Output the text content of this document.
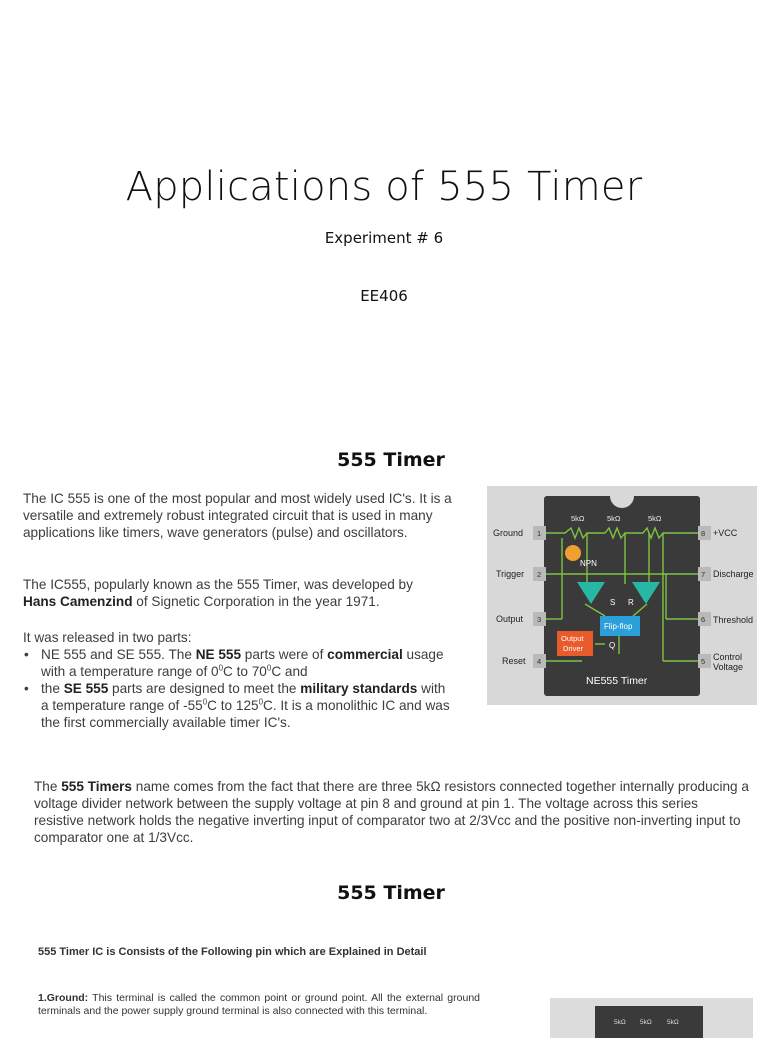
Applications of 555 Timer
Experiment # 6
EE406
555 Timer
The IC 555 is one of the most popular and most widely used IC's. It is a versatile and extremely robust integrated circuit that is used in many applications like timers, wave generators (pulse) and oscillators.
The IC555, popularly known as the 555 Timer, was developed by Hans Camenzind of Signetic Corporation in the year 1971.
It was released in two parts:
• NE 555 and SE 555. The NE 555 parts were of commercial usage with a temperature range of $0^0C$ to $70^0C$ and
• the SE 555 parts are designed to meet the military standards with a temperature range of $-55^0C$ to $125^0C$. It is a monolithic IC and was the first commercially available timer IC's.
1
2
3
4
8
7
6
5
Ground
Trigger
Output
Reset
+VCC
Discharge
Threshold
Control
Voltage
5kΩ	5kΩ	5kΩ
NPN
S R
Flip-flop
Q
Output
Driver
NE555 Timer
The 555 Timers name comes from the fact that there are three 5kΩ resistors connected together internally producing a voltage divider network between the supply voltage at pin 8 and ground at pin 1. The voltage across this series resistive network holds the negative inverting input of comparator two at 2/3Vcc and the positive non-inverting input to comparator one at 1/3Vcc.
555 Timer
555 Timer IC is Consists of the Following pin which are Explained in Detail
1.Ground: This terminal is called the common point or ground point. All the external ground terminals and the power supply ground terminal is also connected with this terminal.
5kΩ 5kΩ 5kΩ
